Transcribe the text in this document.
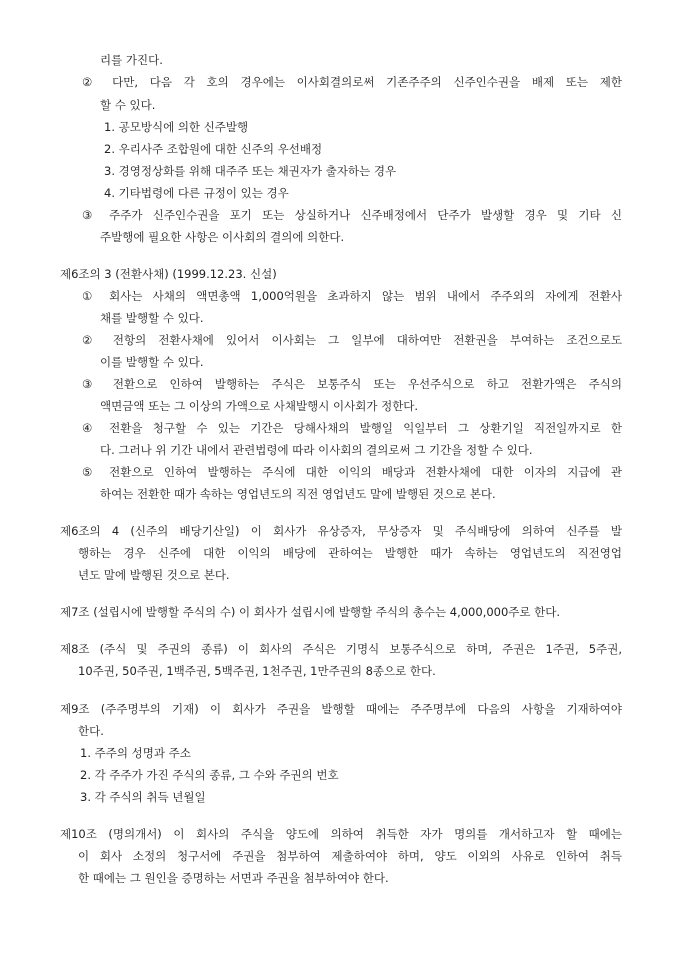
리를 가진다.
② 다만, 다음 각 호의 경우에는 이사회결의로써 기존주주의 신주인수권을 배제 또는 제한
할 수 있다.
1. 공모방식에 의한 신주발행
2. 우리사주 조합원에 대한 신주의 우선배정
3. 경영정상화를 위해 대주주 또는 채권자가 출자하는 경우
4. 기타법령에 다른 규정이 있는 경우
③ 주주가 신주인수권을 포기 또는 상실하거나 신주배정에서 단주가 발생할 경우 및 기타 신
주발행에 필요한 사항은 이사회의 결의에 의한다.
제6조의 3 (전환사채) (1999.12.23. 신설)
① 회사는 사채의 액면총액 1,000억원을 초과하지 않는 범위 내에서 주주외의 자에게 전환사
채를 발행할 수 있다.
② 전항의 전환사채에 있어서 이사회는 그 일부에 대하여만 전환권을 부여하는 조건으로도
이를 발행할 수 있다.
③ 전환으로 인하여 발행하는 주식은 보통주식 또는 우선주식으로 하고 전환가액은 주식의
액면금액 또는 그 이상의 가액으로 사채발행시 이사회가 정한다.
④ 전환을 청구할 수 있는 기간은 당해사채의 발행일 익일부터 그 상환기일 직전일까지로 한
다. 그러나 위 기간 내에서 관련법령에 따라 이사회의 결의로써 그 기간을 정할 수 있다.
⑤ 전환으로 인하여 발행하는 주식에 대한 이익의 배당과 전환사채에 대한 이자의 지급에 관
하여는 전환한 때가 속하는 영업년도의 직전 영업년도 말에 발행된 것으로 본다.
제6조의 4 (신주의 배당기산일) 이 회사가 유상증자, 무상증자 및 주식배당에 의하여 신주를 발
행하는 경우 신주에 대한 이익의 배당에 관하여는 발행한 때가 속하는 영업년도의 직전영업
년도 말에 발행된 것으로 본다.
제7조 (설립시에 발행할 주식의 수) 이 회사가 설립시에 발행할 주식의 총수는 4,000,000주로 한다.
제8조 (주식 및 주권의 종류) 이 회사의 주식은 기명식 보통주식으로 하며, 주권은 1주권, 5주권,
10주권, 50주권, 1백주권, 5백주권, 1천주권, 1만주권의 8종으로 한다.
제9조 (주주명부의 기재) 이 회사가 주권을 발행할 때에는 주주명부에 다음의 사항을 기재하여야
한다.
1. 주주의 성명과 주소
2. 각 주주가 가진 주식의 종류, 그 수와 주권의 번호
3. 각 주식의 취득 년월일
제10조 (명의개서) 이 회사의 주식을 양도에 의하여 취득한 자가 명의를 개서하고자 할 때에는
이 회사 소정의 청구서에 주권을 첨부하여 제출하여야 하며, 양도 이외의 사유로 인하여 취득
한 때에는 그 원인을 증명하는 서면과 주권을 첨부하여야 한다.
